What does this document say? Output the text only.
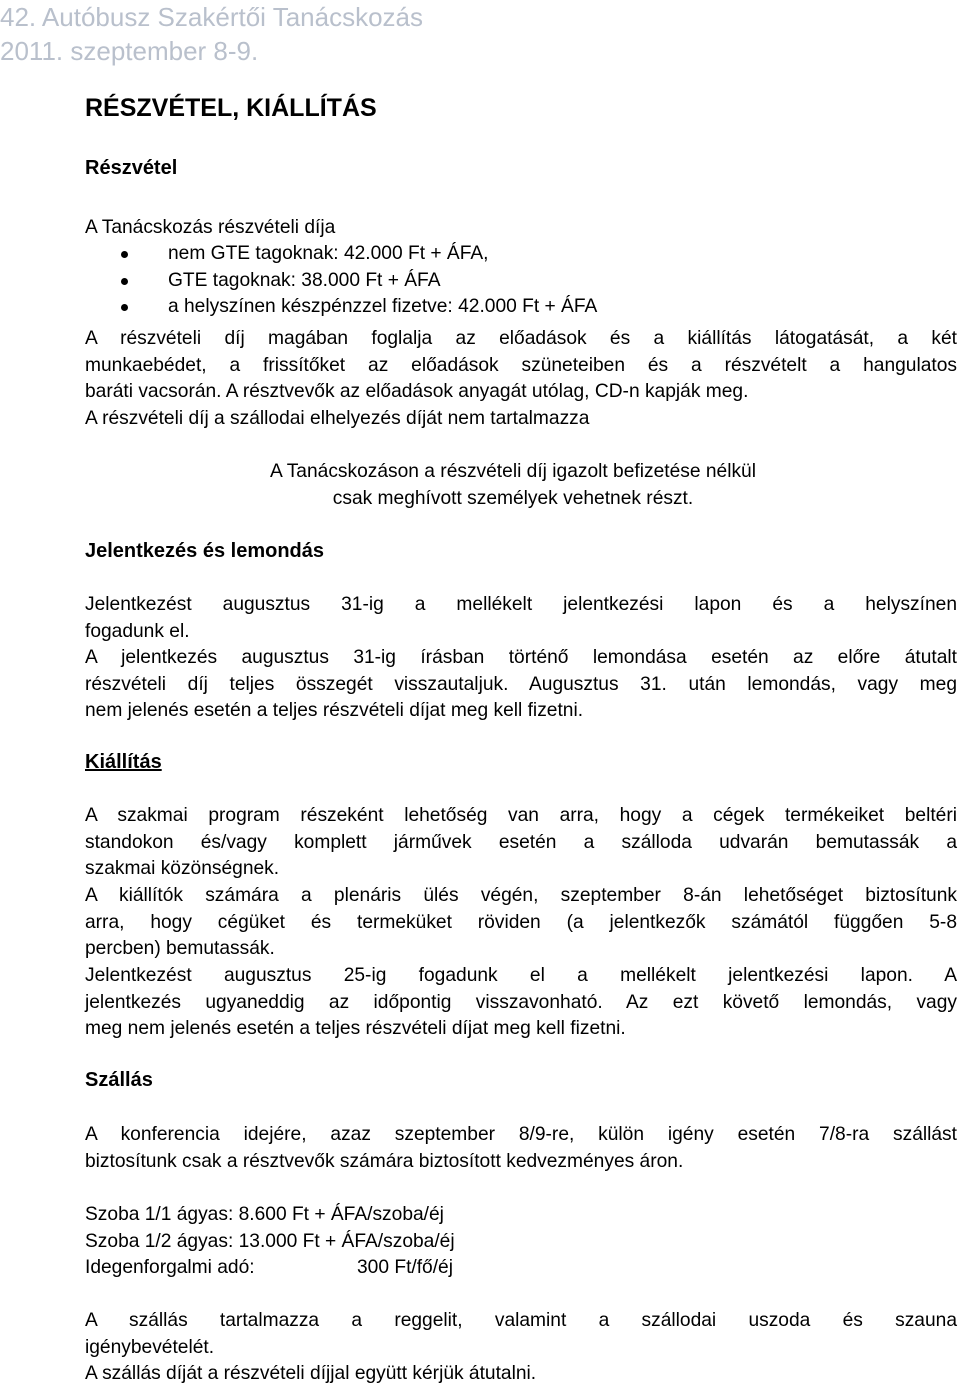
42. Autóbusz Szakértői Tanácskozás
2011. szeptember 8-9.
RÉSZVÉTEL, KIÁLLÍTÁS
Részvétel
A Tanácskozás részvételi díja
nem GTE tagoknak: 42.000 Ft + ÁFA,
GTE tagoknak: 38.000 Ft + ÁFA
a helyszínen készpénzzel fizetve: 42.000 Ft + ÁFA
A részvételi díj magában foglalja az előadások és a kiállítás látogatását, a két
munkaebédet, a frissítőket az előadások szüneteiben és a részvételt a hangulatos
baráti vacsorán. A résztvevők az előadások anyagát utólag, CD-n kapják meg.
A részvételi díj a szállodai elhelyezés díját nem tartalmazza
A Tanácskozáson a részvételi díj igazolt befizetése nélkül
csak meghívott személyek vehetnek részt.
Jelentkezés és lemondás
Jelentkezést augusztus 31-ig a mellékelt jelentkezési lapon és a helyszínen
fogadunk el.
A jelentkezés augusztus 31-ig írásban történő lemondása esetén az előre átutalt
részvételi díj teljes összegét visszautaljuk. Augusztus 31. után lemondás, vagy meg
nem jelenés esetén a teljes részvételi díjat meg kell fizetni.
Kiállítás
A szakmai program részeként lehetőség van arra, hogy a cégek termékeiket beltéri
standokon és/vagy komplett járművek esetén a szálloda udvarán bemutassák a
szakmai közönségnek.
A kiállítók számára a plenáris ülés végén, szeptember 8-án lehetőséget biztosítunk
arra, hogy cégüket és termeküket röviden (a jelentkezők számától függően 5-8
percben) bemutassák.
Jelentkezést augusztus 25-ig fogadunk el a mellékelt jelentkezési lapon. A
jelentkezés ugyaneddig az időpontig visszavonható. Az ezt követő lemondás, vagy
meg nem jelenés esetén a teljes részvételi díjat meg kell fizetni.
Szállás
A konferencia idejére, azaz szeptember 8/9-re, külön igény esetén 7/8-ra szállást
biztosítunk csak a résztvevők számára biztosított kedvezményes áron.
Szoba 1/1 ágyas: 8.600 Ft + ÁFA/szoba/éj
Szoba 1/2 ágyas: 13.000 Ft + ÁFA/szoba/éj
Idegenforgalmi adó:	300 Ft/fő/éj
A szállás tartalmazza a reggelit, valamint a szállodai uszoda és szauna
igénybevételét.
A szállás díját a részvételi díjjal együtt kérjük átutalni.
